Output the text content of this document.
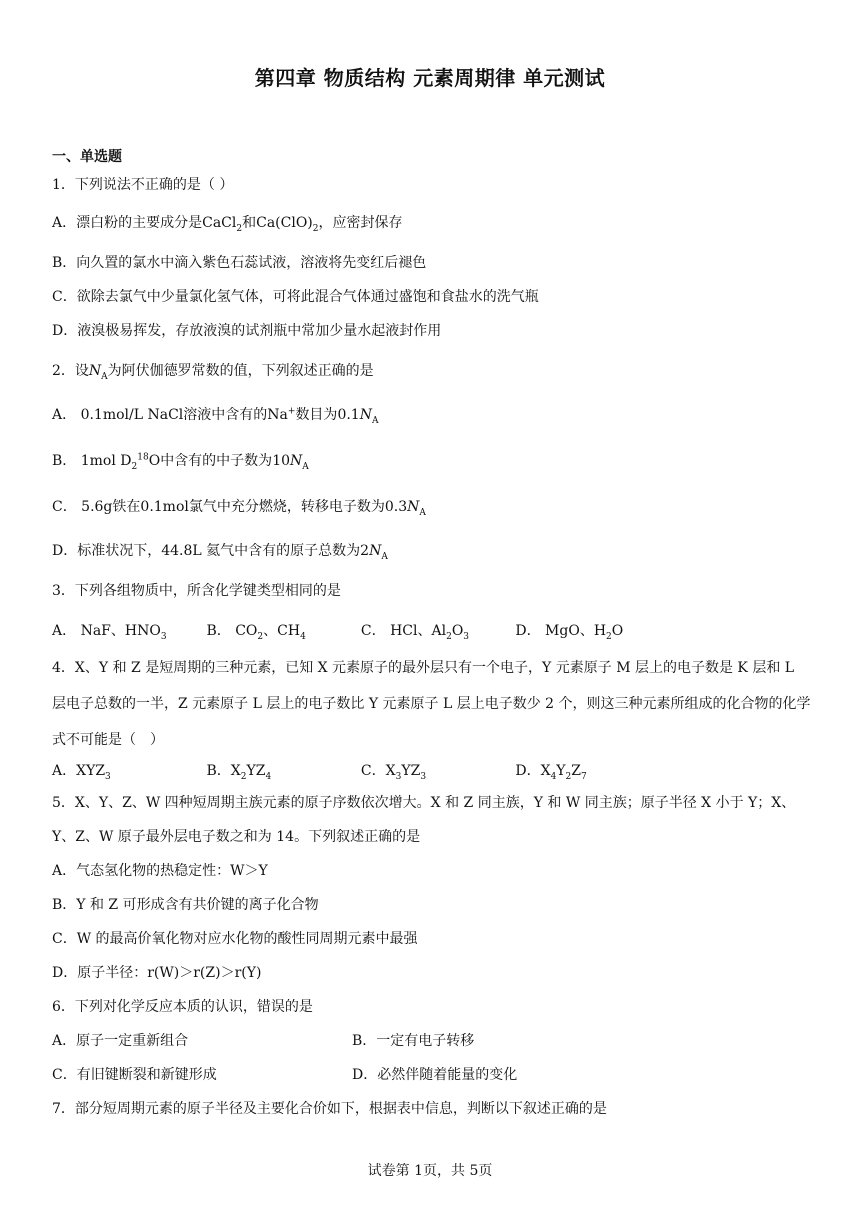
第四章 物质结构 元素周期律 单元测试
一、单选题
1．下列说法不正确的是（ ）
A．漂白粉的主要成分是CaCl$_2$和$Ca(ClO)_2$，应密封保存
B．向久置的氯水中滴入紫色石蕊试液，溶液将先变红后褪色
C．欲除去氯气中少量氯化氢气体，可将此混合气体通过盛饱和食盐水的洗气瓶
D．液溴极易挥发，存放液溴的试剂瓶中常加少量水起液封作用
2．设$N_A$为阿伏伽德罗常数的值，下列叙述正确的是
A． 0.1mol/L NaCl溶液中含有的Na+数目为$0.1N_A$
B． 1mol $D_2^{18}O$中含有的中子数为$10N_A$
C． 5.6g铁在0.1mol氯气中充分燃烧，转移电子数为$0.3N_A$
D．标准状况下，44.8L 氦气中含有的原子总数为$2N_A$
3．下列各组物质中，所含化学键类型相同的是
A． NaF、$HNO_3$	B． $CO_2$、$CH_4$	C． HCl、$Al_2O_3$	D． MgO、$H_2O$
4．X、Y 和 Z 是短周期的三种元素，已知 X 元素原子的最外层只有一个电子，Y 元素原子 M 层上的电子数是 K 层和 L 层电子总数的一半，Z 元素原子 L 层上的电子数比 Y 元素原子 L 层上电子数少 2 个，则这三种元素所组成的化合物的化学式不可能是（　）
A．$XYZ_3$	B．$X_2YZ_4$	C．$X_3YZ_3$	D．$X_4Y_2Z_7$
5．X、Y、Z、W 四种短周期主族元素的原子序数依次增大。X 和 Z 同主族，Y 和 W 同主族；原子半径 X 小于 Y；X、Y、Z、W 原子最外层电子数之和为 14。下列叙述正确的是
A．气态氢化物的热稳定性：W＞Y
B．Y 和 Z 可形成含有共价键的离子化合物
C．W 的最高价氧化物对应水化物的酸性同周期元素中最强
D．原子半径：r(W)＞r(Z)＞r(Y)
6．下列对化学反应本质的认识，错误的是
A．原子一定重新组合	B．一定有电子转移
C．有旧键断裂和新键形成	D．必然伴随着能量的变化
7．部分短周期元素的原子半径及主要化合价如下，根据表中信息，判断以下叙述正确的是
试卷第 1页，共 5页
